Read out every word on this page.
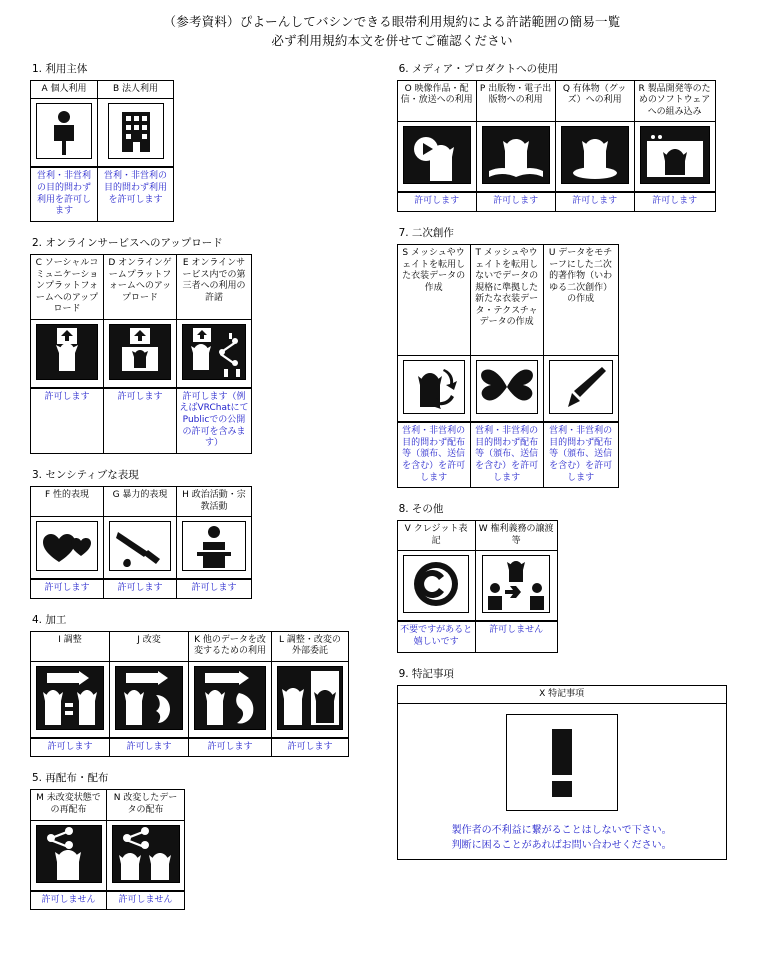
（参考資料）ぴよーんしてバシンできる眼帯利用規約による許諾範囲の簡易一覧
必ず利用規約本文を併せてご確認ください
1. 利用主体
A 個人利用	B 法人利用

営利・非営利の目的問わず利用を許可します	営利・非営利の目的問わず利用を許可します
2. オンラインサービスへのアップロード
C ソーシャルコミュニケーションプラットフォームへのアップロード	D オンラインゲームプラットフォームへのアップロード	E オンラインサービス内での第三者への利用の許諾

許可します	許可します	許可します（例えばVRChatにてPublicでの公開の許可を含みます）
3. センシティブな表現
F 性的表現	G 暴力的表現	H 政治活動・宗教活動

許可します	許可します	許可します
4. 加工
I 調整	J 改変	K 他のデータを改変するための利用	L 調整・改変の外部委託

許可します	許可します	許可します	許可します
5. 再配布・配布
M 未改変状態での再配布	N 改変したデータの配布

許可しません	許可しません
6. メディア・プロダクトへの使用
O 映像作品・配信・放送への利用	P 出版物・電子出版物への利用	Q 有体物（グッズ）への利用	R 製品開発等のためのソフトウェアへの組み込み

許可します	許可します	許可します	許可します
7. 二次創作
S メッシュやウェイトを転用した衣装データの作成	T メッシュやウェイトを転用しないでデータの規格に準拠した新たな衣装データ・テクスチャデータの作成	U データをモチーフにした二次的著作物（いわゆる二次創作）の作成

営利・非営利の目的問わず配布等（頒布、送信を含む）を許可します	営利・非営利の目的問わず配布等（頒布、送信を含む）を許可します	営利・非営利の目的問わず配布等（頒布、送信を含む）を許可します
8. その他
V クレジット表記	W 権利義務の譲渡等

不要ですがあると嬉しいです	許可しません
9. 特記事項
X 特記事項

製作者の不利益に繋がることはしないで下さい。
判断に困ることがあればお問い合わせください。
